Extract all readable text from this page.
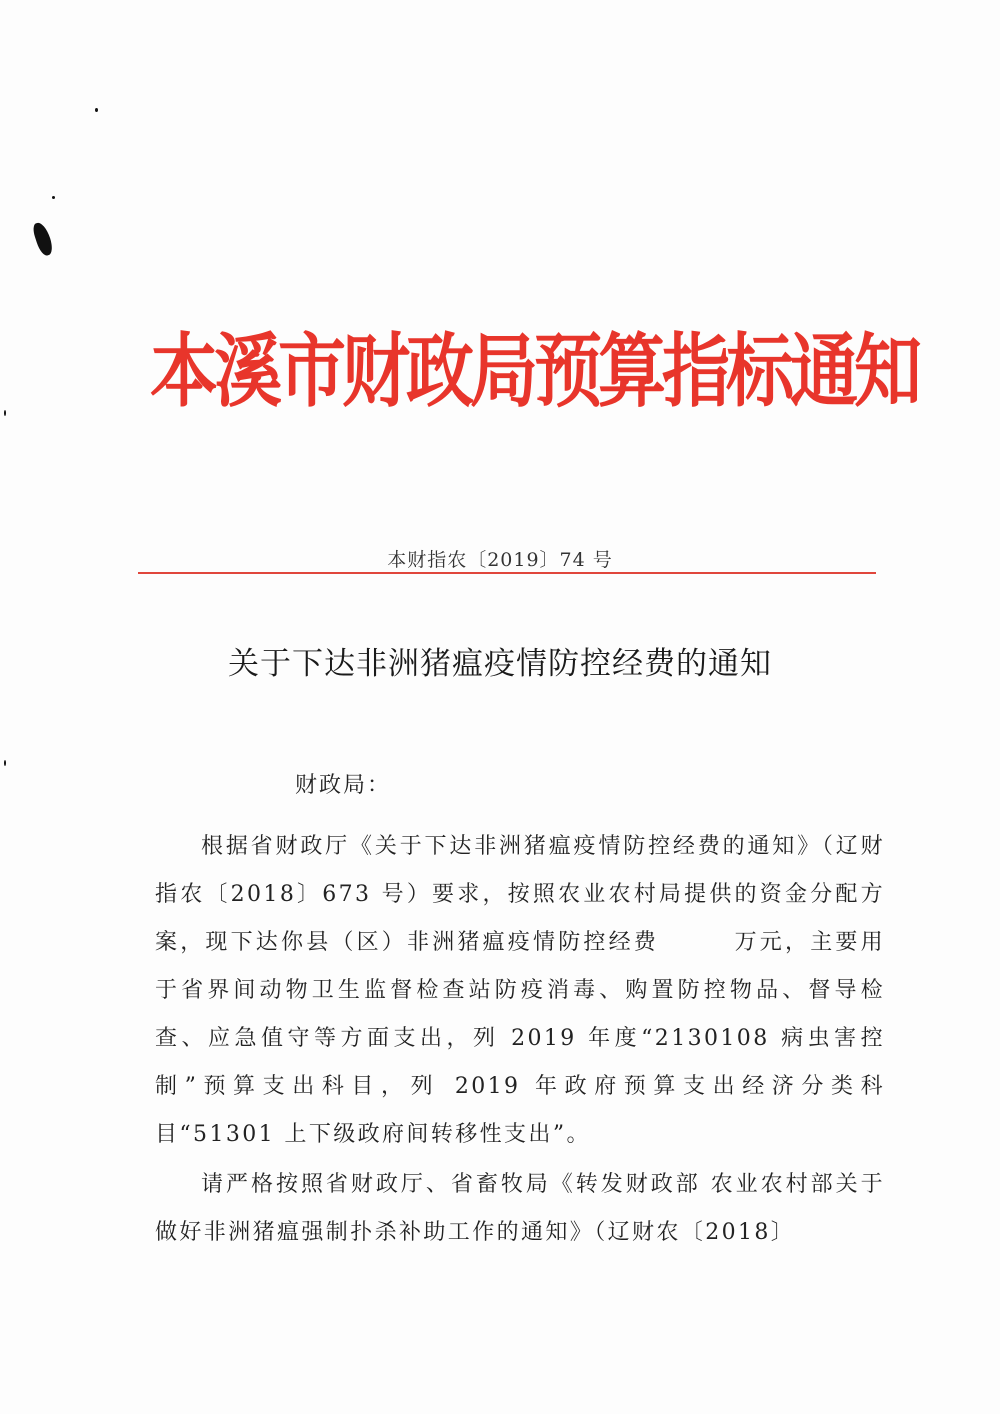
本溪市财政局预算指标通知
本财指农〔2019〕74 号
关于下达非洲猪瘟疫情防控经费的通知
财政局：

根据省财政厅《关于下达非洲猪瘟疫情防控经费的通知》（辽财指农〔2018〕673 号）要求，按照农业农村局提供的资金分配方案，现下达你县（区）非洲猪瘟疫情防控经费　　　万元，主要用于省界间动物卫生监督检查站防疫消毒、购置防控物品、督导检查、应急值守等方面支出，列 2019 年度“2130108 病虫害控制”预算支出科目，列 2019 年政府预算支出经济分类科目“51301 上下级政府间转移性支出”。

请严格按照省财政厅、省畜牧局《转发财政部 农业农村部关于做好非洲猪瘟强制扑杀补助工作的通知》（辽财农〔2018〕
